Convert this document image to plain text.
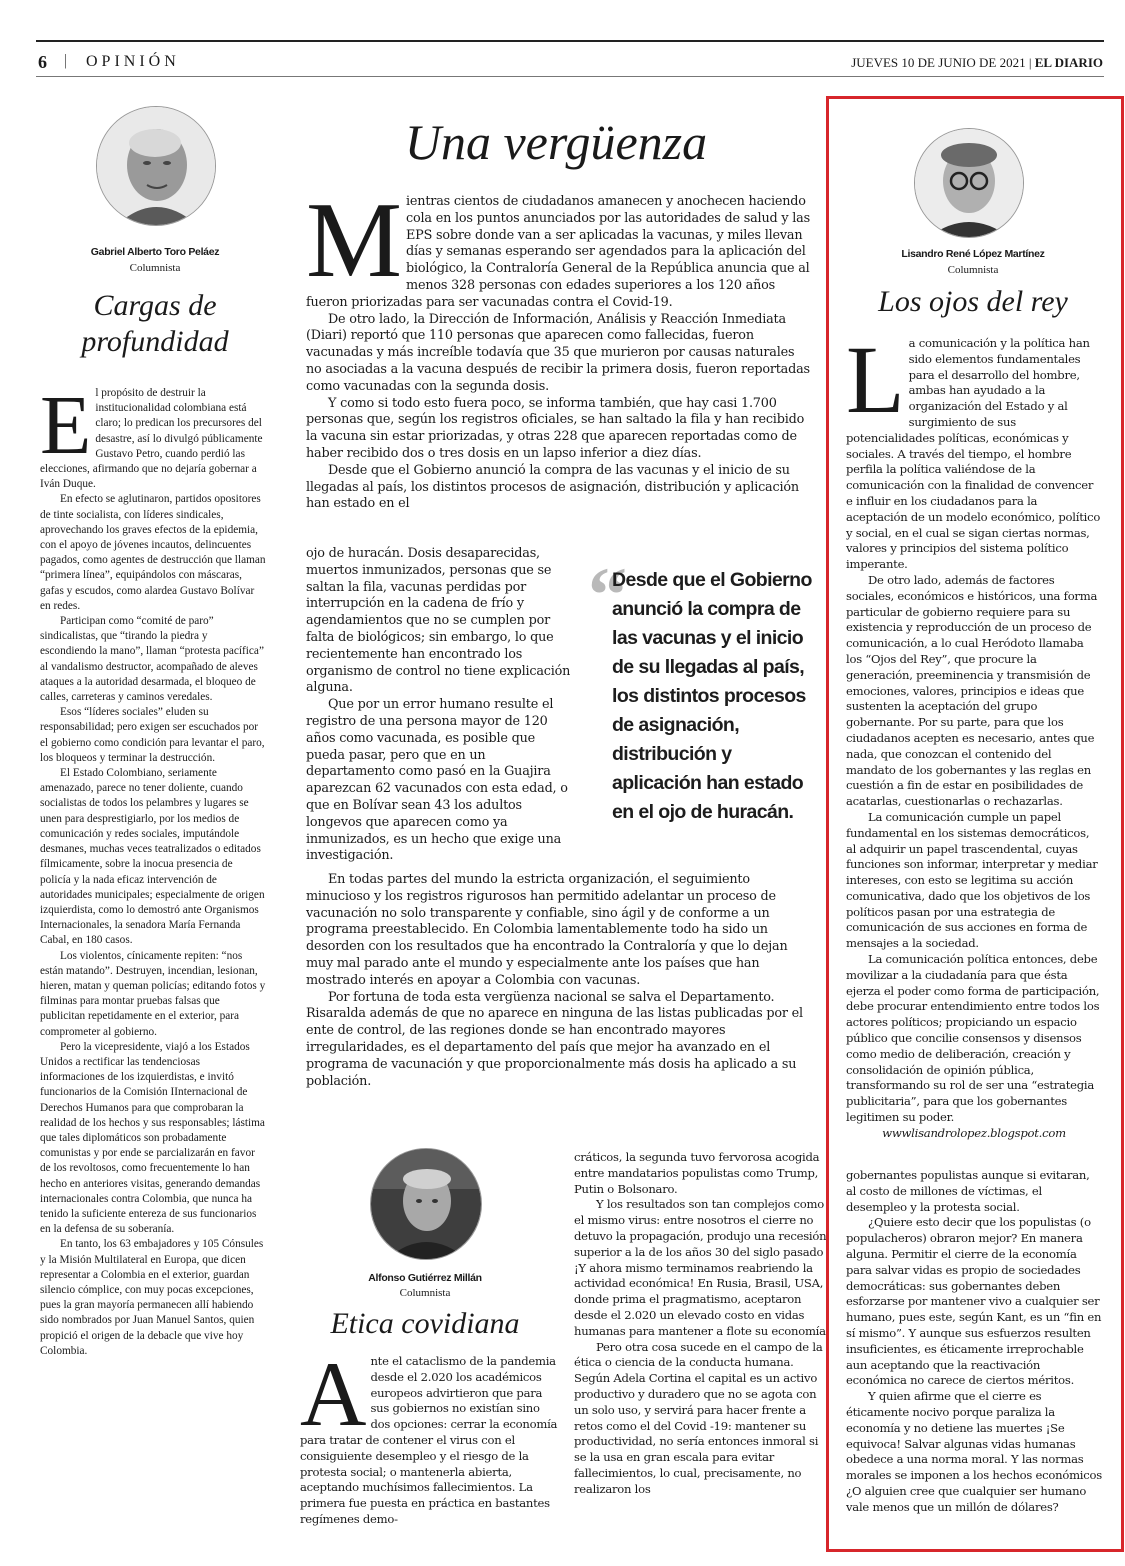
6 | OPINIÓN	JUEVES 10 DE JUNIO DE 2021 | EL DIARIO
Gabriel Alberto Toro Peláez
Columnista
Cargas de profundidad
E l propósito de destruir la institucionalidad colombiana está claro; lo predican los precursores del desastre, así lo divulgó públicamente Gustavo Petro, cuando perdió las elecciones, afirmando que no dejaría gobernar a Iván Duque.

En efecto se aglutinaron, partidos opositores de tinte socialista, con líderes sindicales, aprovechando los graves efectos de la epidemia, con el apoyo de jóvenes incautos, delincuentes pagados, como agentes de destrucción que llaman “primera línea”, equipándolos con máscaras, gafas y escudos, como alardea Gustavo Bolívar en redes.

Participan como “comité de paro” sindicalistas, que “tirando la piedra y escondiendo la mano”, llaman “protesta pacífica” al vandalismo destructor, acompañado de aleves ataques a la autoridad desarmada, el bloqueo de calles, carreteras y caminos veredales.

Esos “líderes sociales” eluden su responsabilidad; pero exigen ser escuchados por el gobierno como condición para levantar el paro, los bloqueos y terminar la destrucción.

El Estado Colombiano, seriamente amenazado, parece no tener doliente, cuando socialistas de todos los pelambres y lugares se unen para desprestigiarlo, por los medios de comunicación y redes sociales, imputándole desmanes, muchas veces teatralizados o editados fílmicamente, sobre la inocua presencia de policía y la nada eficaz intervención de autoridades municipales; especialmente de origen izquierdista, como lo demostró ante Organismos Internacionales, la senadora María Fernanda Cabal, en 180 casos.

Los violentos, cínicamente repiten: “nos están matando”. Destruyen, incendian, lesionan, hieren, matan y queman policías; editando fotos y filminas para montar pruebas falsas que publicitan repetidamente en el exterior, para comprometer al gobierno.

Pero la vicepresidente, viajó a los Estados Unidos a rectificar las tendenciosas informaciones de los izquierdistas, e invitó funcionarios de la Comisión IInternacional de Derechos Humanos para que comprobaran la realidad de los hechos y sus responsables; lástima que tales diplomáticos son probadamente comunistas y por ende se parcializarán en favor de los revoltosos, como frecuentemente lo han hecho en anteriores visitas, generando demandas internacionales contra Colombia, que nunca ha tenido la suficiente entereza de sus funcionarios en la defensa de su soberanía.

En tanto, los 63 embajadores y 105 Cónsules y la Misión Multilateral en Europa, que dicen representar a Colombia en el exterior, guardan silencio cómplice, con muy pocas excepciones, pues la gran mayoría permanecen allí habiendo sido nombrados por Juan Manuel Santos, quien propició el origen de la debacle que vive hoy Colombia.

Una vergüenza
M ientras cientos de ciudadanos amanecen y anochecen haciendo cola en los puntos anunciados por las autoridades de salud y las EPS sobre donde van a ser aplicadas la vacunas, y miles llevan días y semanas esperando ser agendados para la aplicación del biológico, la Contraloría General de la República anuncia que al menos 328 personas con edades superiores a los 120 años fueron priorizadas para ser vacunadas contra el Covid-19.

De otro lado, la Dirección de Información, Análisis y Reacción Inmediata (Diari) reportó que 110 personas que aparecen como fallecidas, fueron vacunadas y más increíble todavía que 35 que murieron por causas naturales no asociadas a la vacuna después de recibir la primera dosis, fueron reportadas como vacunadas con la segunda dosis.

Y como si todo esto fuera poco, se informa también, que hay casi 1.700 personas que, según los registros oficiales, se han saltado la fila y han recibido la vacuna sin estar priorizadas, y otras 228 que aparecen reportadas como de haber recibido dos o tres dosis en un lapso inferior a diez días.

Desde que el Gobierno anunció la compra de las vacunas y el inicio de su llegadas al país, los distintos procesos de asignación, distribución y aplicación han estado en el

ojo de huracán. Dosis desaparecidas, muertos inmunizados, personas que se saltan la fila, vacunas perdidas por interrupción en la cadena de frío y agendamientos que no se cumplen por falta de biológicos; sin embargo, lo que recientemente han encontrado los organismo de control no tiene explicación alguna.

Que por un error humano resulte el registro de una persona mayor de 120 años como vacunada, es posible que pueda pasar, pero que en un departamento como pasó en la Guajira aparezcan 62 vacunados con esta edad, o que en Bolívar sean 43 los adultos longevos que aparecen como ya inmunizados, es un hecho que exige una investigación.

“
Desde que el Gobierno anunció la compra de las vacunas y el inicio de su llegadas al país, los distintos procesos de asignación, distribución y aplicación han estado en el ojo de huracán.

En todas partes del mundo la estricta organización, el seguimiento minucioso y los registros rigurosos han permitido adelantar un proceso de vacunación no solo transparente y confiable, sino ágil y de conforme a un programa preestablecido. En Colombia lamentablemente todo ha sido un desorden con los resultados que ha encontrado la Contraloría y que lo dejan muy mal parado ante el mundo y especialmente ante los países que han mostrado interés en apoyar a Colombia con vacunas.

Por fortuna de toda esta vergüenza nacional se salva el Departamento. Risaralda además de que no aparece en ninguna de las listas publicadas por el ente de control, de las regiones donde se han encontrado mayores irregularidades, es el departamento del país que mejor ha avanzado en el programa de vacunación y que proporcionalmente más dosis ha aplicado a su población.

Alfonso Gutiérrez Millán
Columnista
Etica covidiana
A nte el cataclismo de la pandemia desde el 2.020 los académicos europeos advirtieron que para sus gobiernos no existían sino dos opciones: cerrar la economía para tratar de contener el virus con el consiguiente desempleo y el riesgo de la protesta social; o mantenerla abierta, aceptando muchísimos fallecimientos. La primera fue puesta en práctica en bastantes regímenes demo-

cráticos, la segunda tuvo fervorosa acogida entre mandatarios populistas como Trump, Putin o Bolsonaro.

Y los resultados son tan complejos como el mismo virus: entre nosotros el cierre no detuvo la propagación, produjo una recesión superior a la de los años 30 del siglo pasado ¡Y ahora mismo terminamos reabriendo la actividad económica! En Rusia, Brasil, USA, donde prima el pragmatismo, aceptaron desde el 2.020 un elevado costo en vidas humanas para mantener a flote su economía.

Pero otra cosa sucede en el campo de la ética o ciencia de la conducta humana. Según Adela Cortina el capital es un activo productivo y duradero que no se agota con un solo uso, y servirá para hacer frente a retos como el del Covid -19: mantener su productividad, no sería entonces inmoral si se la usa en gran escala para evitar fallecimientos, lo cual, precisamente, no realizaron los

Lisandro René López Martínez
Columnista
Los ojos del rey
L a comunicación y la política han sido elementos fundamentales para el desarrollo del hombre, ambas han ayudado a la organización del Estado y al surgimiento de sus potencialidades políticas, económicas y sociales. A través del tiempo, el hombre perfila la política valiéndose de la comunicación con la finalidad de convencer e influir en los ciudadanos para la aceptación de un modelo económico, político y social, en el cual se sigan ciertas normas, valores y principios del sistema político imperante.

De otro lado, además de factores sociales, económicos e históricos, una forma particular de gobierno requiere para su existencia y reproducción de un proceso de comunicación, a lo cual Heródoto llamaba los “Ojos del Rey”, que procure la generación, preeminencia y transmisión de emociones, valores, principios e ideas que sustenten la aceptación del grupo gobernante. Por su parte, para que los ciudadanos acepten es necesario, antes que nada, que conozcan el contenido del mandato de los gobernantes y las reglas en cuestión a fin de estar en posibilidades de acatarlas, cuestionarlas o rechazarlas.

La comunicación cumple un papel fundamental en los sistemas democráticos, al adquirir un papel trascendental, cuyas funciones son informar, interpretar y mediar intereses, con esto se legitima su acción comunicativa, dado que los objetivos de los políticos pasan por una estrategia de comunicación de sus acciones en forma de mensajes a la sociedad.

La comunicación política entonces, debe movilizar a la ciudadanía para que ésta ejerza el poder como forma de participación, debe procurar entendimiento entre todos los actores políticos; propiciando un espacio público que concilie consensos y disensos como medio de deliberación, creación y consolidación de opinión pública, transformando su rol de ser una “estrategia publicitaria”, para que los gobernantes legitimen su poder.

wwwlisandrolopez.blogspot.com

gobernantes populistas aunque si evitaran, al costo de millones de víctimas, el desempleo y la protesta social.

¿Quiere esto decir que los populistas (o populacheros) obraron mejor? En manera alguna. Permitir el cierre de la economía para salvar vidas es propio de sociedades democráticas: sus gobernantes deben esforzarse por mantener vivo a cualquier ser humano, pues este, según Kant, es un “fin en sí mismo”. Y aunque sus esfuerzos resulten insuficientes, es éticamente irreprochable aun aceptando que la reactivación económica no carece de ciertos méritos.

Y quien afirme que el cierre es éticamente nocivo porque paraliza la economía y no detiene las muertes ¡Se equivoca! Salvar algunas vidas humanas obedece a una norma moral. Y las normas morales se imponen a los hechos económicos ¿O alguien cree que cualquier ser humano vale menos que un millón de dólares?
